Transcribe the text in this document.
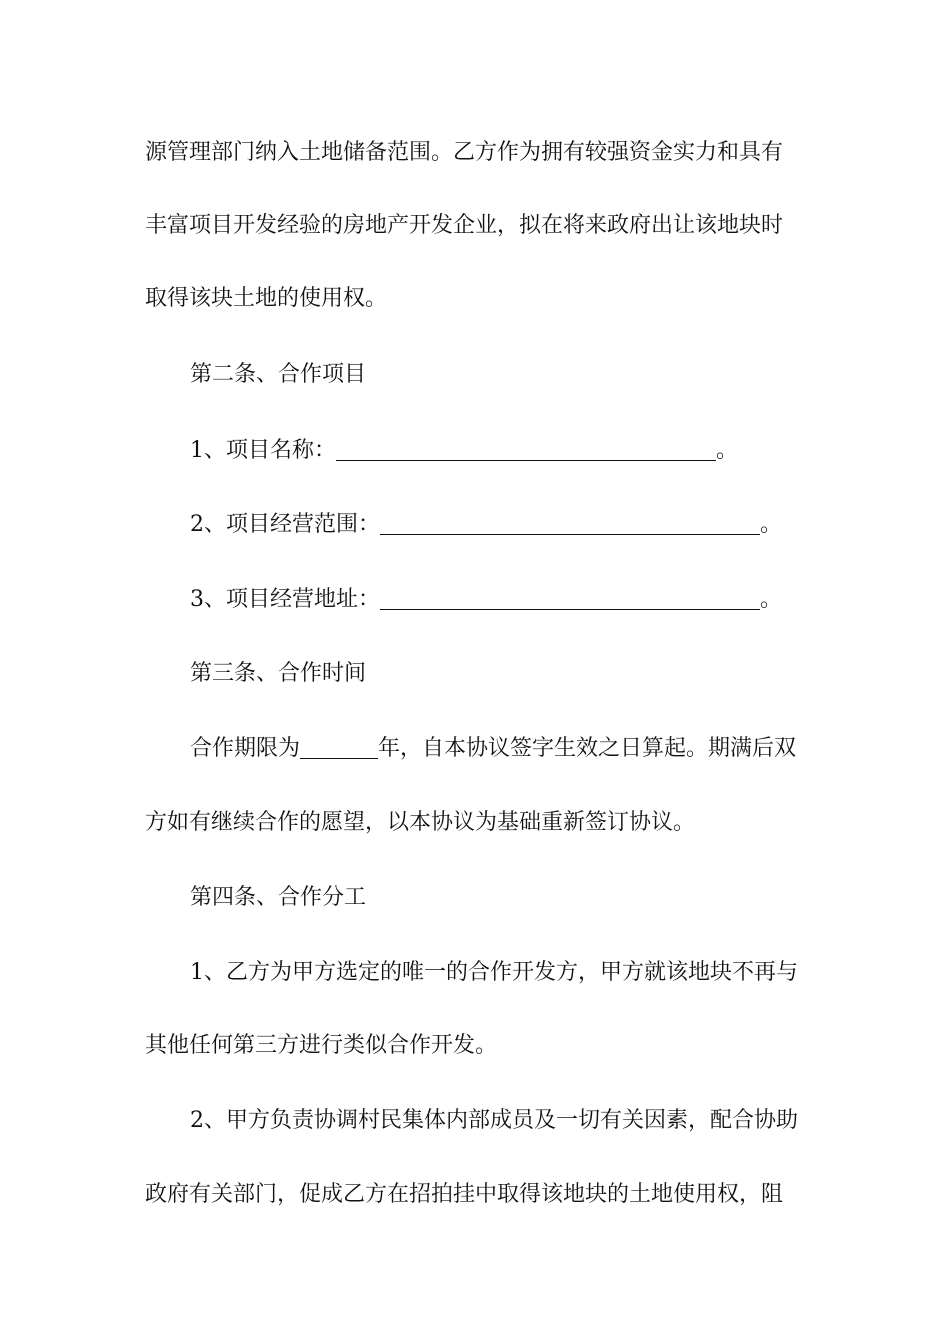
源管理部门纳入土地储备范围。乙方作为拥有较强资金实力和具有
丰富项目开发经验的房地产开发企业，拟在将来政府出让该地块时
取得该块土地的使用权。
第二条、合作项目
1、项目名称：	。
2、项目经营范围：	。
3、项目经营地址：	。
第三条、合作时间
合作期限为	年，自本协议签字生效之日算起。期满后双
方如有继续合作的愿望，以本协议为基础重新签订协议。
第四条、合作分工
1、乙方为甲方选定的唯一的合作开发方，甲方就该地块不再与
其他任何第三方进行类似合作开发。
2、甲方负责协调村民集体内部成员及一切有关因素，配合协助
政府有关部门，促成乙方在招拍挂中取得该地块的土地使用权，阻
